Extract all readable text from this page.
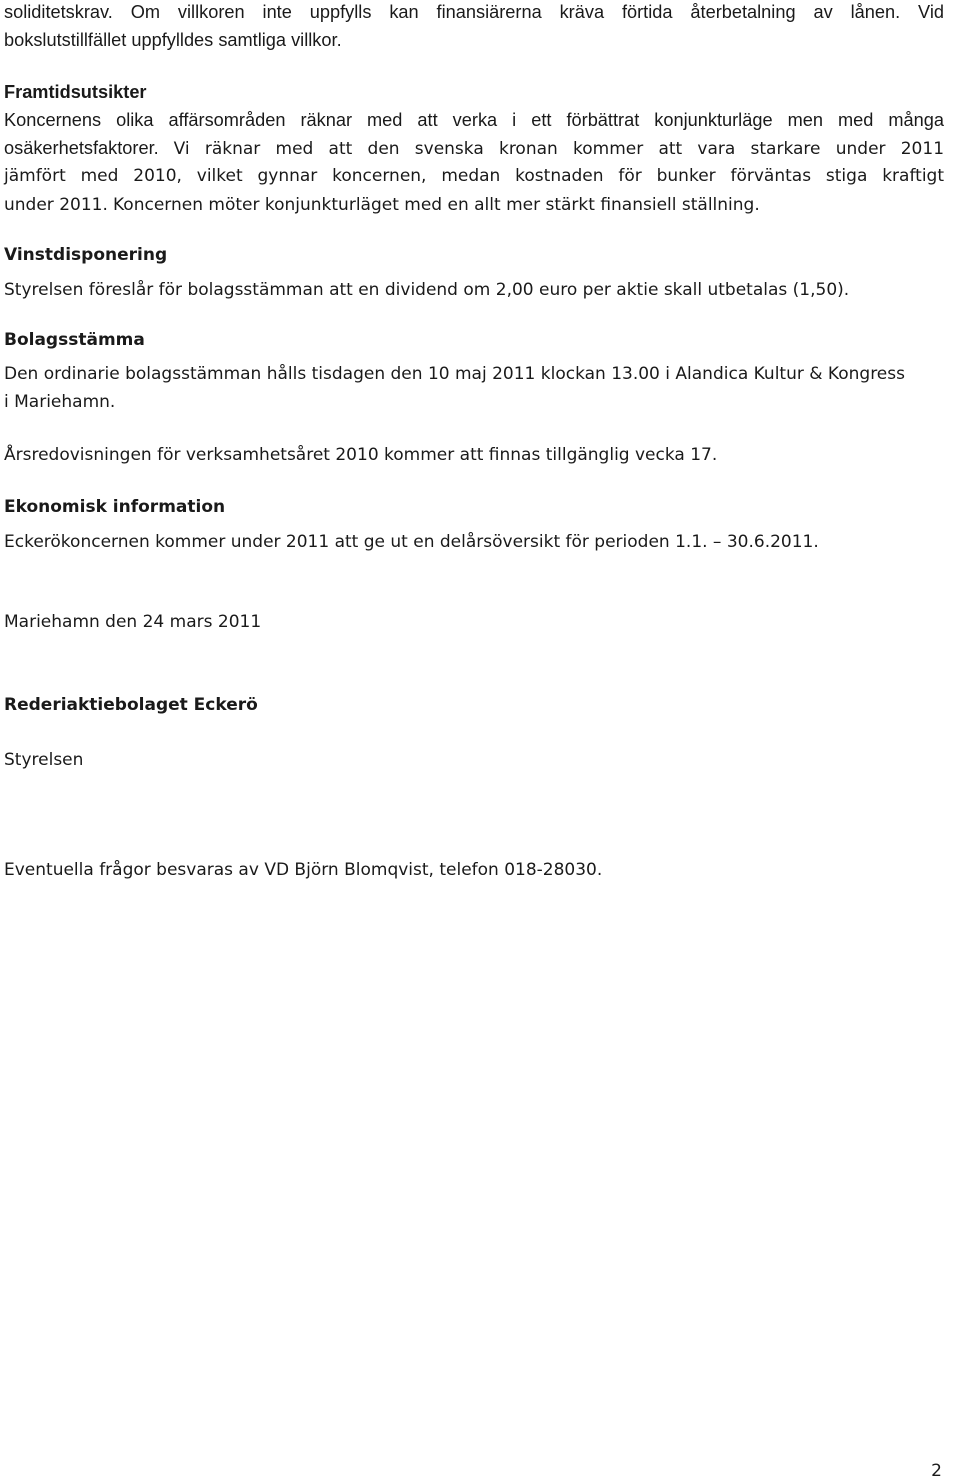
soliditetskrav. Om villkoren inte uppfylls kan finansiärerna kräva förtida återbetalning av lånen. Vid
bokslutstillfället uppfylldes samtliga villkor.
Framtidsutsikter
Koncernens olika affärsområden räknar med att verka i ett förbättrat konjunkturläge men med många
osäkerhetsfaktorer. Vi räknar med att den svenska kronan kommer att vara starkare under 2011
jämfört med 2010, vilket gynnar koncernen, medan kostnaden för bunker förväntas stiga kraftigt
under 2011. Koncernen möter konjunkturläget med en allt mer stärkt finansiell ställning.
Vinstdisponering
Styrelsen föreslår för bolagsstämman att en dividend om 2,00 euro per aktie skall utbetalas (1,50).
Bolagsstämma
Den ordinarie bolagsstämman hålls tisdagen den 10 maj 2011 klockan 13.00 i Alandica Kultur & Kongress
i Mariehamn.
Årsredovisningen för verksamhetsåret 2010 kommer att finnas tillgänglig vecka 17.
Ekonomisk information
Eckerökoncernen kommer under 2011 att ge ut en delårsöversikt för perioden 1.1. – 30.6.2011.
Mariehamn den 24 mars 2011
Rederiaktiebolaget Eckerö
Styrelsen
Eventuella frågor besvaras av VD Björn Blomqvist, telefon 018-28030.
2
